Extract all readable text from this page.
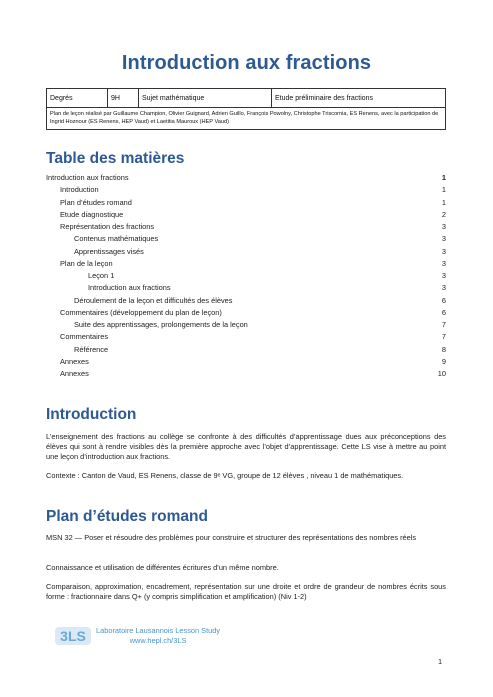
Introduction aux fractions
Degrés	9H	Sujet mathématique	Etude préliminaire des fractions
Plan de leçon réalisé par Guillaume Champion, Olivier Guignard, Adrien Guillo, François Powolny, Christophe Triscornia, ES Renens, avec la participation de Ingrid Hoznour (ES Renens, HEP Vaud) et Laetitia Mauroux (HEP Vaud)
Table des matières
Introduction aux fractions	1
Introduction	1
Plan d’études romand	1
Etude diagnostique	2
Représentation des fractions	3
Contenus mathématiques	3
Apprentissages visés	3
Plan de la leçon	3
Leçon 1	3
Introduction aux fractions	3
Déroulement de la leçon et difficultés des élèves	6
Commentaires (développement du plan de leçon)	6
Suite des apprentissages, prolongements de la leçon	7
Commentaires	7
Référence	8
Annexes	9
Annexes	10
Introduction

L’enseignement des fractions au collège se confronte à des difficultés d’apprentissage dues aux préconceptions des élèves qui sont à rendre visibles dès la première approche avec l’objet d’apprentissage. Cette LS vise à mettre au point une leçon d’introduction aux fractions.

Contexte : Canton de Vaud, ES Renens, classe de 9ᵉ VG, groupe de 12 élèves , niveau 1 de mathématiques.

Plan d’études romand

MSN 32 — Poser et résoudre des problèmes pour construire et structurer des représentations des nombres réels

Connaissance et utilisation de différentes écritures d’un même nombre.

Comparaison, approximation, encadrement, représentation sur une droite et ordre de grandeur de nombres écrits sous forme : fractionnaire dans Q+ (y compris simplification et amplification) (Niv 1-2)

3LS Laboratoire Lausannois Lesson Study
www.hepl.ch/3LS
1
